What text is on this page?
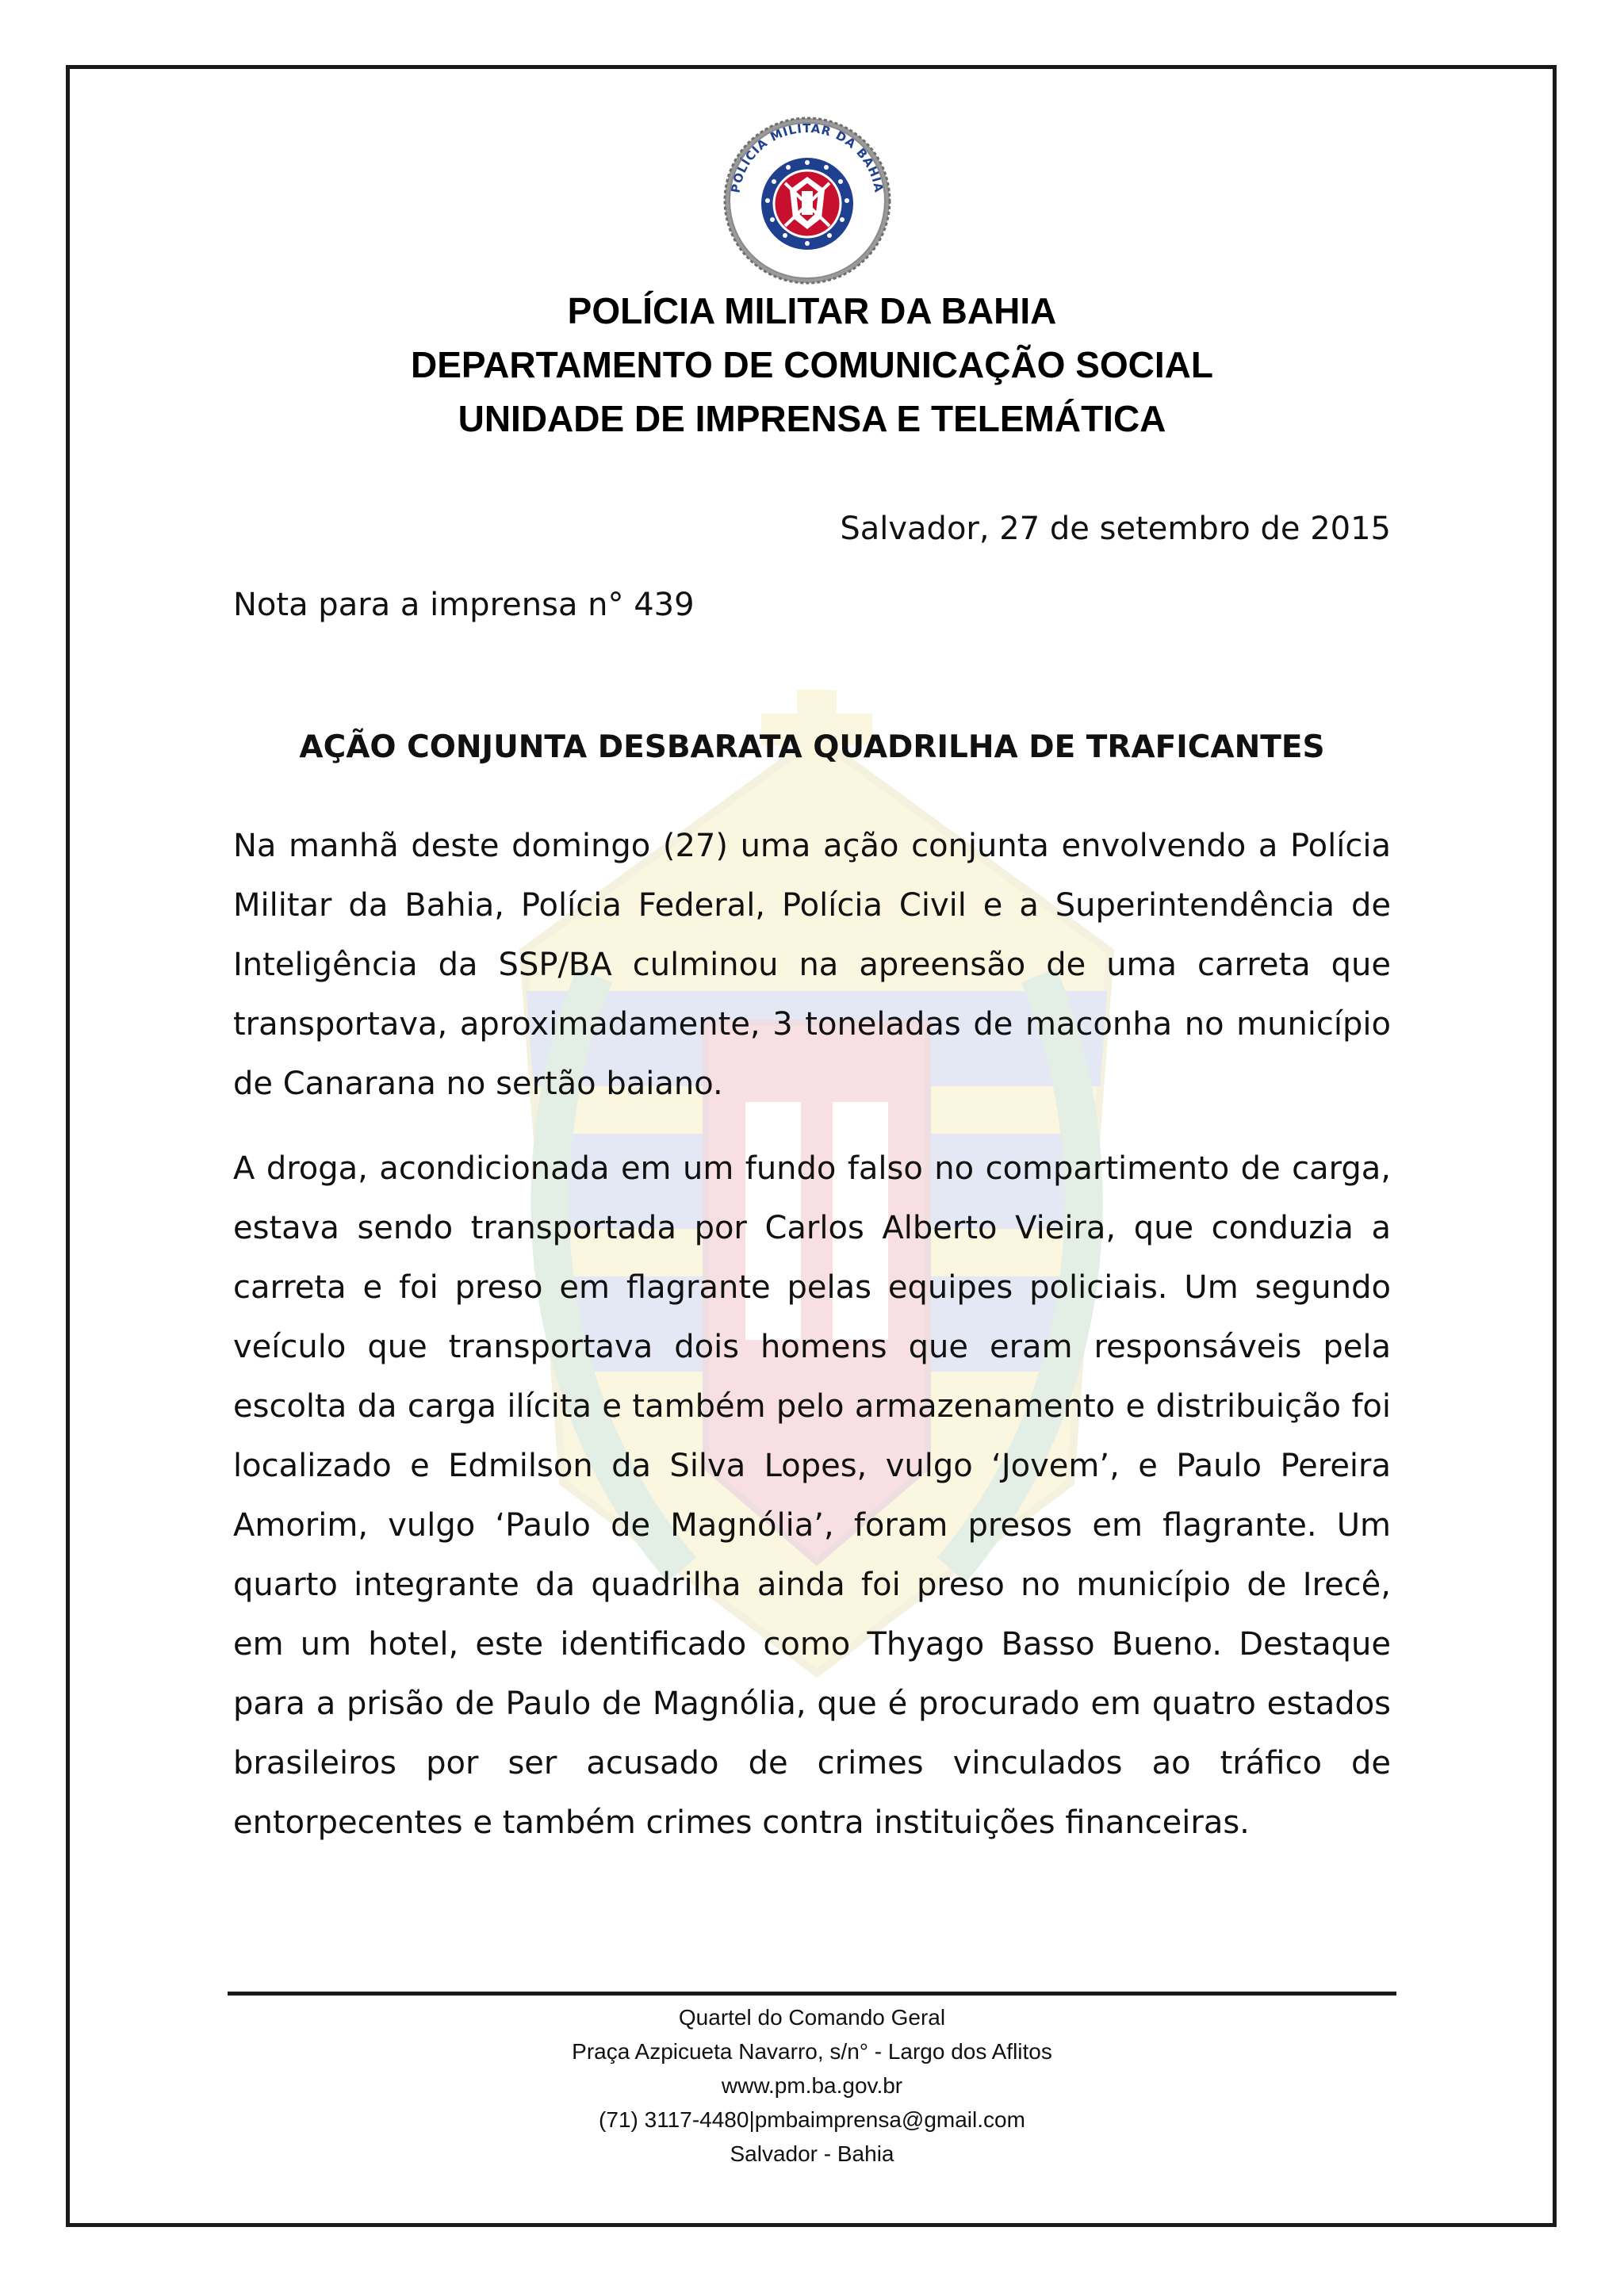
POLÍCIA MILITAR DA BAHIA
POLÍCIA MILITAR DA BAHIA
DEPARTAMENTO DE COMUNICAÇÃO SOCIAL
UNIDADE DE IMPRENSA E TELEMÁTICA
Salvador, 27 de setembro de 2015
Nota para a imprensa n° 439
AÇÃO CONJUNTA DESBARATA QUADRILHA DE TRAFICANTES

Na manhã deste domingo (27) uma ação conjunta envolvendo a Polícia Militar da Bahia, Polícia Federal, Polícia Civil e a Superintendência de Inteligência da SSP/BA culminou na apreensão de uma carreta que transportava, aproximadamente, 3 toneladas de maconha no município de Canarana no sertão baiano.

A droga, acondicionada em um fundo falso no compartimento de carga, estava sendo transportada por Carlos Alberto Vieira, que conduzia a carreta e foi preso em flagrante pelas equipes policiais. Um segundo veículo que transportava dois homens que eram responsáveis pela escolta da carga ilícita e também pelo armazenamento e distribuição foi localizado e Edmilson da Silva Lopes, vulgo ‘Jovem’, e Paulo Pereira Amorim, vulgo ‘Paulo de Magnólia’, foram presos em flagrante. Um quarto integrante da quadrilha ainda foi preso no município de Irecê, em um hotel, este identificado como Thyago Basso Bueno. Destaque para a prisão de Paulo de Magnólia, que é procurado em quatro estados brasileiros por ser acusado de crimes vinculados ao tráfico de entorpecentes e também crimes contra instituições financeiras.

Quartel do Comando Geral
Praça Azpicueta Navarro, s/n° - Largo dos Aflitos
www.pm.ba.gov.br
(71) 3117-4480|pmbaimprensa@gmail.com
Salvador - Bahia
